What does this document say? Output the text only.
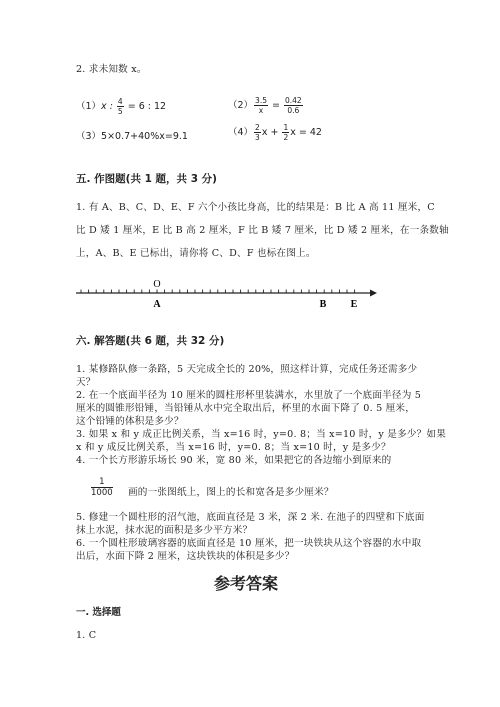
2. 求未知数 x。
（1）x : $\frac{4}{5} = 6$ : 12	$(2) \frac{3.5}{x} = \frac{0.42}{0.6}$
（3）5×0.7+40%x=9.1	$(4) \frac{2}{3}$ $x + \frac{1}{2}$ x = 42
五. 作图题(共 1 题，共 3 分)
1. 有 A、B、C、D、E、F 六个小孩比身高，比的结果是：B 比 A 高 11 厘米，C
比 D 矮 1 厘米，E 比 B 高 2 厘米，F 比 B 矮 7 厘米，比 D 矮 2 厘米，在一条数轴
上，A、B、E 已标出，请你将 C、D、F 也标在图上。
O
A	B E
六. 解答题(共 6 题，共 32 分)
1. 某修路队修一条路，5 天完成全长的 20%，照这样计算，完成任务还需多少
天？
2. 在一个底面半径为 10 厘米的圆柱形杯里装满水，水里放了一个底面半径为 5
厘米的圆锥形铅锤，当铅锤从水中完全取出后，杯里的水面下降了 0. 5 厘米，
这个铅锤的体积是多少？
3. 如果 x 和 y 成正比例关系，当 x=16 时，y=0. 8；当 x=10 时，y 是多少？如果
x 和 y 成反比例关系，当 x=16 时，y=0. 8；当 x=10 时，y 是多少？
4. 一个长方形游乐场长 90 米，宽 80 米，如果把它的各边缩小到原来的
$\frac{1}{1000}$ 画的一张图纸上，图上的长和宽各是多少厘米？
5. 修建一个圆柱形的沼气池，底面直径是 3 米，深 2 米. 在池子的四壁和下底面
抹上水泥，抹水泥的面积是多少平方米？
6. 一个圆柱形玻璃容器的底面直径是 10 厘米，把一块铁块从这个容器的水中取
出后，水面下降 2 厘米，这块铁块的体积是多少？
参考答案
一. 选择题
1. C
